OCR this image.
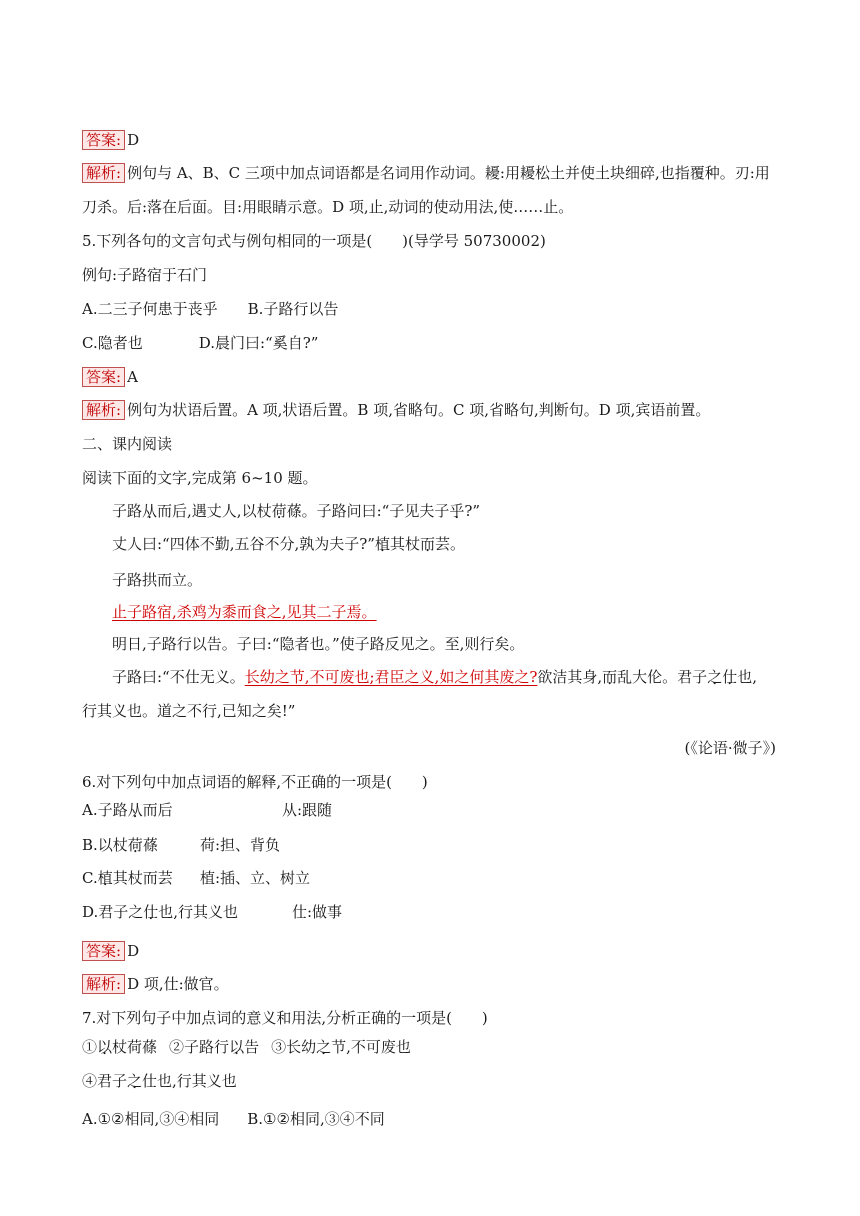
答案: D
解析: 例句与 A、B、C 三项中加点词语都是名词用作动词。耰:用耰松土并使土块细碎,也指覆种。刃:用
刀杀。后:落在后面。目:用眼睛示意。D 项,止,动词的使动用法,使……止。
5.下列各句的文言句式与例句相同的一项是(　　)(导学号 50730002)
例句:子路宿于石门
A.二三子何患于丧乎 B.子路行以告
C.隐者也	D.晨门曰:“奚自?”
答案: A
解析: 例句为状语后置。A 项,状语后置。B 项,省略句。C 项,省略句,判断句。D 项,宾语前置。
二、课内阅读
阅读下面的文字,完成第 6~10 题。
子路从而后,遇丈人,以杖荷蓧。子路问曰:“子见夫子乎?”
丈人曰:“四体不勤,五谷不分,孰为夫子?”植其杖而芸。
子路拱而立。
止子路宿,杀鸡为黍而食之,见其二子焉。
明日,子路行以告。子曰:“隐者也。”使子路反见之。至,则行矣。
子路曰:“不仕无义。长幼之节,不可废也;君臣之义,如之何其废之?欲洁其身,而乱大伦。君子之仕也,
行其义也。道之不行,已知之矣!”
(《论语·微子》)
6.对下列句中加点词语的解释,不正确的一项是(　　)
A.子路从而后	从:跟随
B.以杖荷蓧	荷:担、背负
C.植其杖而芸 植:插、立、树立
D.君子之仕也,行其义也	仕:做事
答案: D
解析: D 项,仕:做官。
7.对下列句子中加点词的意义和用法,分析正确的一项是(　　)
①以杖荷蓧 ②子路行以告 ③长幼之节,不可废也
④君子之仕也,行其义也
A.①②相同,③④相同 B.①②相同,③④不同
